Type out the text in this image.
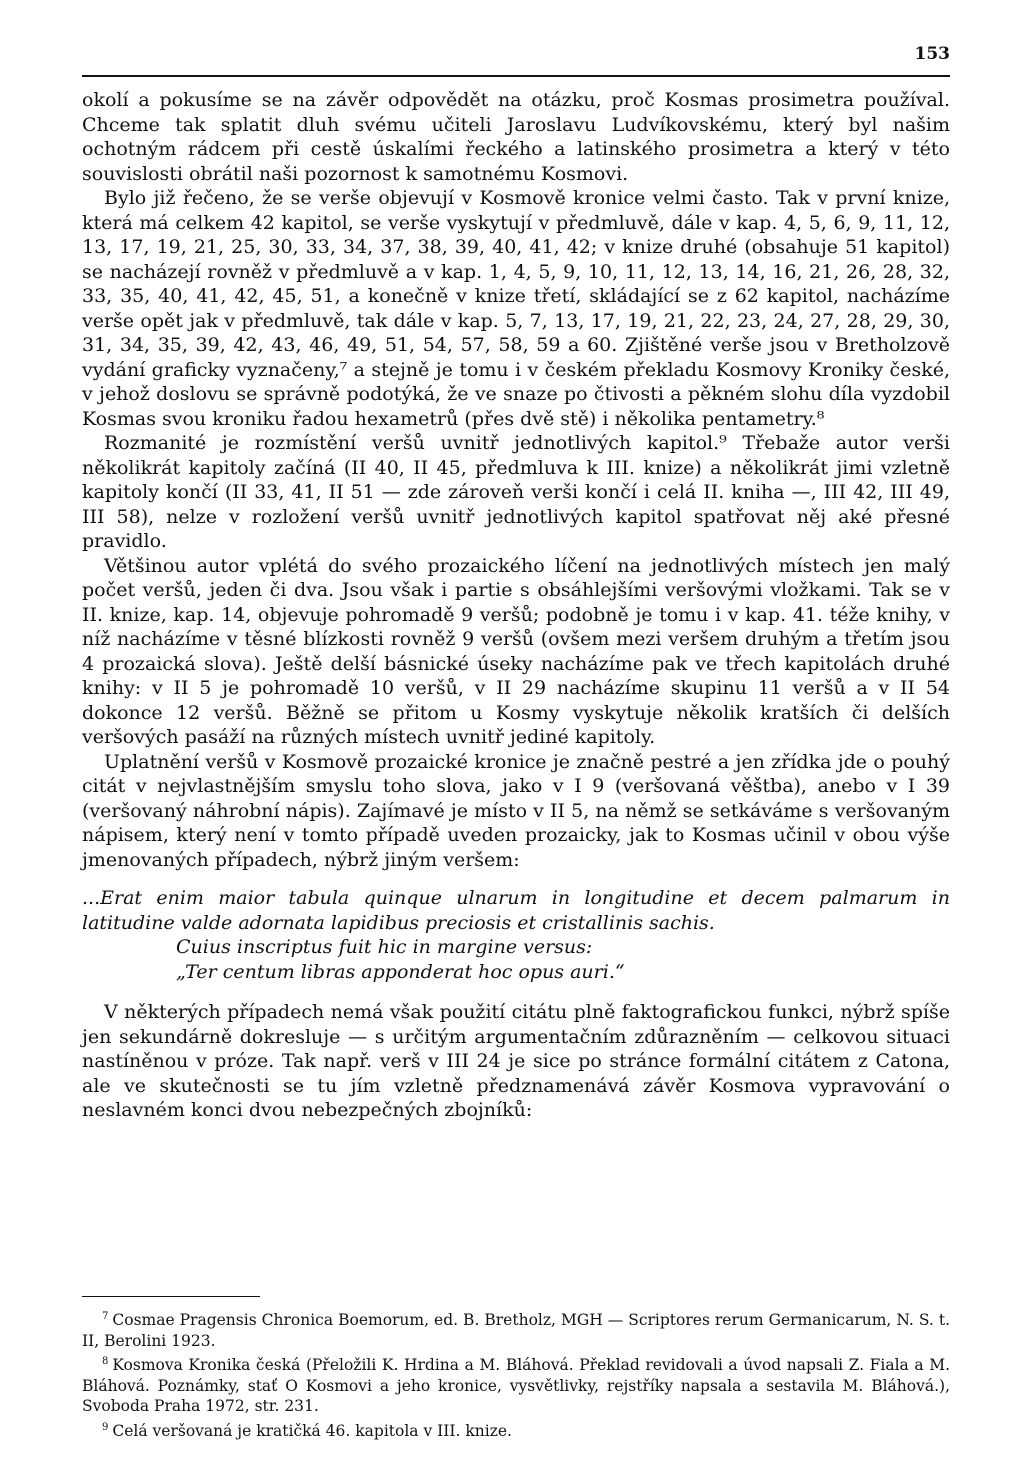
153

okolí a pokusíme se na závěr odpovědět na otázku, proč Kosmas prosimetra používal. Chceme tak splatit dluh svému učiteli Jaroslavu Ludvíkovskému, který byl našim ochotným rádcem při cestě úskalími řeckého a latinského prosimetra a který v této souvislosti obrátil naši pozornost k samotnému Kosmovi.

Bylo již řečeno, že se verše objevují v Kosmově kronice velmi často. Tak v první knize, která má celkem 42 kapitol, se verše vyskytují v předmluvě, dále v kap. 4, 5, 6, 9, 11, 12, 13, 17, 19, 21, 25, 30, 33, 34, 37, 38, 39, 40, 41, 42; v knize druhé (obsahuje 51 kapitol) se nacházejí rovněž v předmluvě a v kap. 1, 4, 5, 9, 10, 11, 12, 13, 14, 16, 21, 26, 28, 32, 33, 35, 40, 41, 42, 45, 51, a konečně v knize třetí, skládající se z 62 kapitol, nacházíme verše opět jak v předmluvě, tak dále v kap. 5, 7, 13, 17, 19, 21, 22, 23, 24, 27, 28, 29, 30, 31, 34, 35, 39, 42, 43, 46, 49, 51, 54, 57, 58, 59 a 60. Zjištěné verše jsou v Bretholzově vydání graficky vyznačeny,⁷ a stejně je tomu i v českém překladu Kosmovy Kroniky české, v jehož doslovu se správně podotýká, že ve snaze po čtivosti a pěkném slohu díla vyzdobil Kosmas svou kroniku řadou hexametrů (přes dvě stě) i několika pentametry.⁸

Rozmanité je rozmístění veršů uvnitř jednotlivých kapitol.⁹ Třebaže autor verši několikrát kapitoly začíná (II 40, II 45, předmluva k III. knize) a několikrát jimi vzletně kapitoly končí (II 33, 41, II 51 — zde zároveň verši končí i celá II. kniha —, III 42, III 49, III 58), nelze v rozložení veršů uvnitř jednotlivých kapitol spatřovat něj aké přesné pravidlo.

Většinou autor vplétá do svého prozaického líčení na jednotlivých místech jen malý počet veršů, jeden či dva. Jsou však i partie s obsáhlejšími veršovými vložkami. Tak se v II. knize, kap. 14, objevuje pohromadě 9 veršů; podobně je tomu i v kap. 41. téže knihy, v níž nacházíme v těsné blízkosti rovněž 9 veršů (ovšem mezi veršem druhým a třetím jsou 4 prozaická slova). Ještě delší básnické úseky nacházíme pak ve třech kapitolách druhé knihy: v II 5 je pohromadě 10 veršů, v II 29 nacházíme skupinu 11 veršů a v II 54 dokonce 12 veršů. Běžně se přitom u Kosmy vyskytuje několik kratších či delších veršových pasáží na různých místech uvnitř jediné kapitoly.

Uplatnění veršů v Kosmově prozaické kronice je značně pestré a jen zřídka jde o pouhý citát v nejvlastnějším smyslu toho slova, jako v I 9 (veršovaná věštba), anebo v I 39 (veršovaný náhrobní nápis). Zajímavé je místo v II 5, na němž se setkáváme s veršovaným nápisem, který není v tomto případě uveden prozaicky, jak to Kosmas učinil v obou výše jmenovaných případech, nýbrž jiným veršem:

...Erat enim maior tabula quinque ulnarum in longitudine et decem palmarum in latitudine valde adornata lapidibus preciosis et cristallinis sachis.
Cuius inscriptus fuit hic in margine versus:
„Ter centum libras apponderat hoc opus auri.“

V některých případech nemá však použití citátu plně faktografickou funkci, nýbrž spíše jen sekundárně dokresluje — s určitým argumentačním zdůrazněním — celkovou situaci nastíněnou v próze. Tak např. verš v III 24 je sice po stránce formální citátem z Catona, ale ve skutečnosti se tu jím vzletně předznamenává závěr Kosmova vypravování o neslavném konci dvou nebezpečných zbojníků:

$^7$ Cosmae Pragensis Chronica Boemorum, ed. B. Bretholz, MGH — Scriptores rerum Germanicarum, N. S. t. II, Berolini 1923.

$^8$ Kosmova Kronika česká (Přeložili K. Hrdina a M. Bláhová. Překlad revidovali a úvod napsali Z. Fiala a M. Bláhová. Poznámky, stať O Kosmovi a jeho kronice, vysvětlivky, rejstříky napsala a sestavila M. Bláhová.), Svoboda Praha 1972, str. 231.

$^9$ Celá veršovaná je kratičká 46. kapitola v III. knize.
